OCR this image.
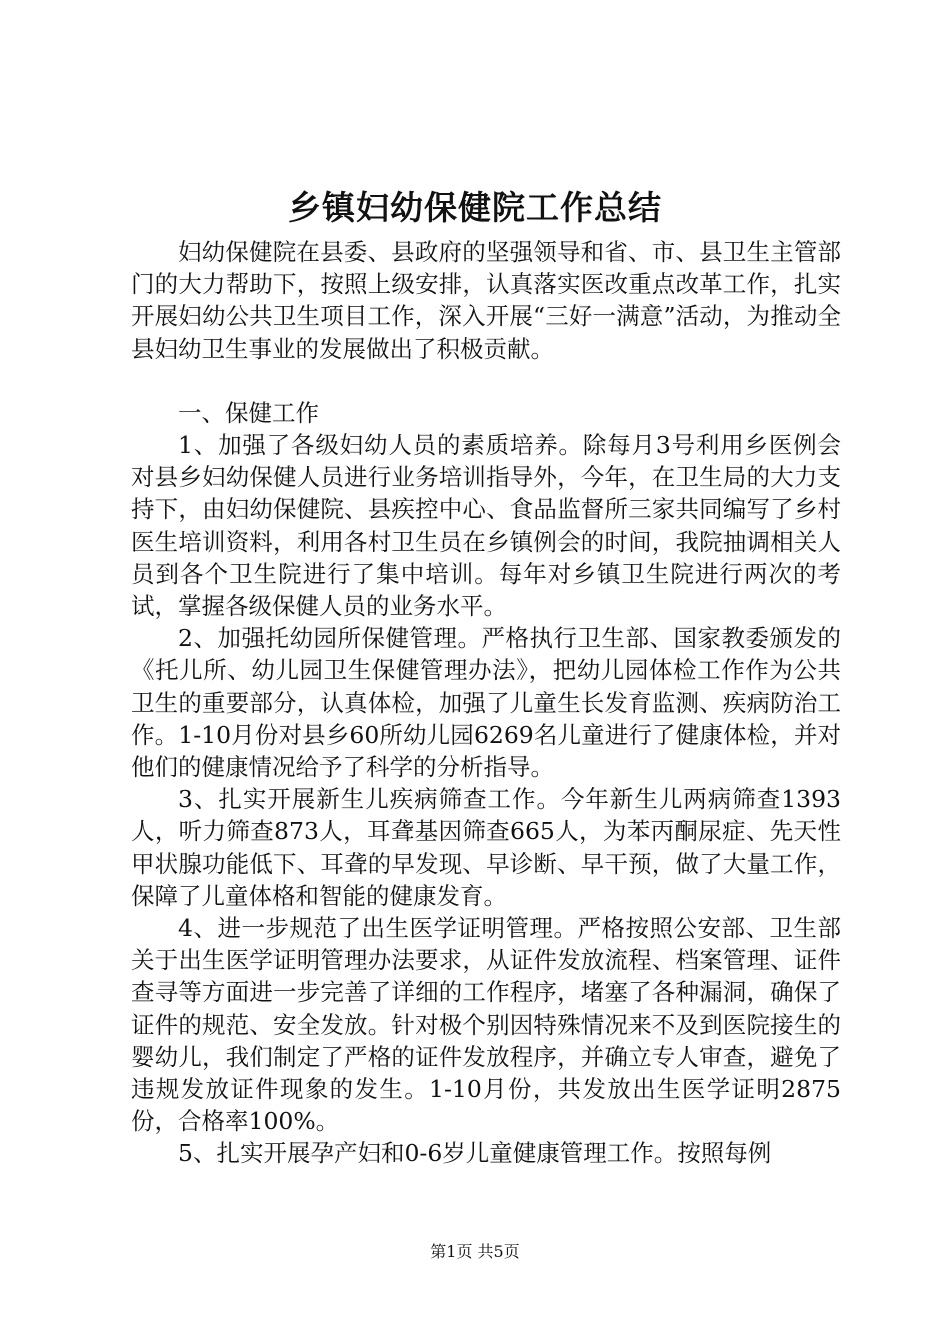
乡镇妇幼保健院工作总结

妇幼保健院在县委、县政府的坚强领导和省、市、县卫生主管部门的大力帮助下，按照上级安排，认真落实医改重点改革工作，扎实开展妇幼公共卫生项目工作，深入开展“三好一满意”活动，为推动全县妇幼卫生事业的发展做出了积极贡献。

一、保健工作

1、加强了各级妇幼人员的素质培养。除每月3号利用乡医例会对县乡妇幼保健人员进行业务培训指导外，今年，在卫生局的大力支持下，由妇幼保健院、县疾控中心、食品监督所三家共同编写了乡村医生培训资料，利用各村卫生员在乡镇例会的时间，我院抽调相关人员到各个卫生院进行了集中培训。每年对乡镇卫生院进行两次的考试，掌握各级保健人员的业务水平。

2、加强托幼园所保健管理。严格执行卫生部、国家教委颁发的《托儿所、幼儿园卫生保健管理办法》，把幼儿园体检工作作为公共卫生的重要部分，认真体检，加强了儿童生长发育监测、疾病防治工作。1-10月份对县乡60所幼儿园6269名儿童进行了健康体检，并对他们的健康情况给予了科学的分析指导。

3、扎实开展新生儿疾病筛查工作。今年新生儿两病筛查1393人，听力筛查873人，耳聋基因筛查665人，为苯丙酮尿症、先天性甲状腺功能低下、耳聋的早发现、早诊断、早干预，做了大量工作，保障了儿童体格和智能的健康发育。

4、进一步规范了出生医学证明管理。严格按照公安部、卫生部关于出生医学证明管理办法要求，从证件发放流程、档案管理、证件查寻等方面进一步完善了详细的工作程序，堵塞了各种漏洞，确保了证件的规范、安全发放。针对极个别因特殊情况来不及到医院接生的婴幼儿，我们制定了严格的证件发放程序，并确立专人审查，避免了违规发放证件现象的发生。1-10月份，共发放出生医学证明2875份，合格率100%。

5、扎实开展孕产妇和0-6岁儿童健康管理工作。按照每例

第1页 共5页
